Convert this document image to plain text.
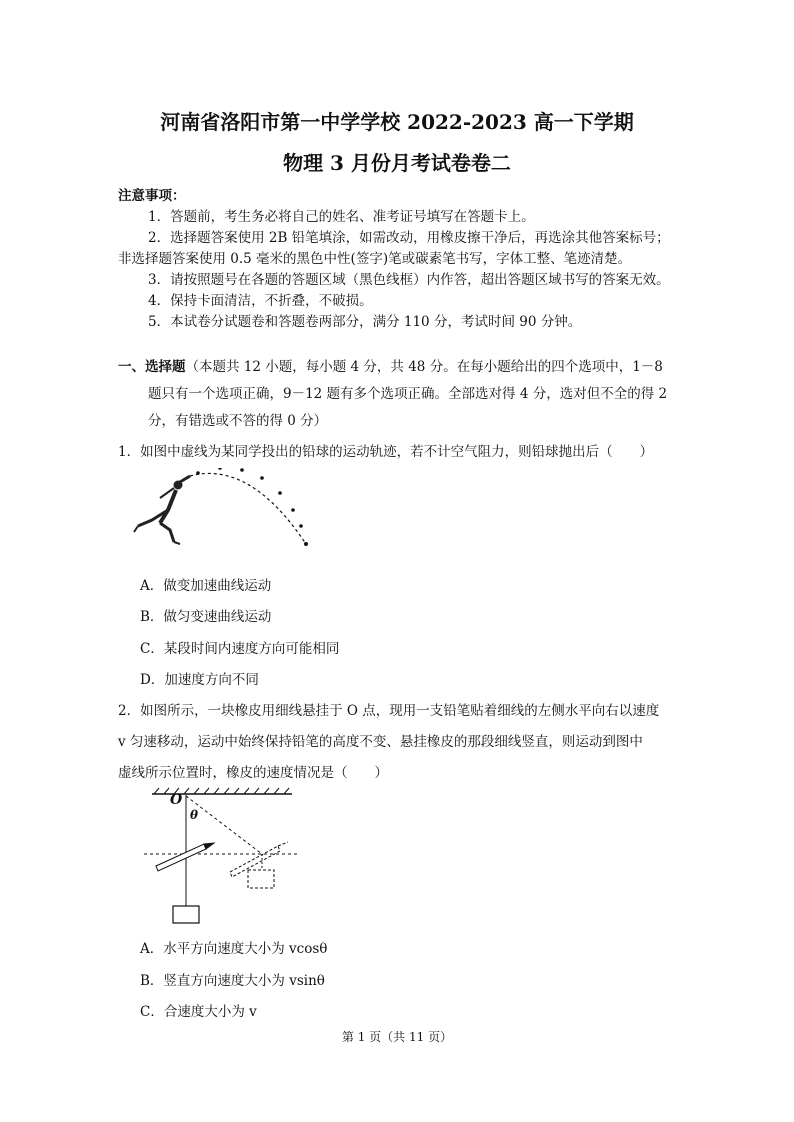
河南省洛阳市第一中学学校 2022-2023 高一下学期
物理 3 月份月考试卷卷二
注意事项：
1．答题前，考生务必将自己的姓名、准考证号填写在答题卡上。
2．选择题答案使用 2B 铅笔填涂，如需改动，用橡皮擦干净后，再选涂其他答案标号；
非选择题答案使用 0.5 毫米的黑色中性(签字)笔或碳素笔书写，字体工整、笔迹清楚。
3．请按照题号在各题的答题区域（黑色线框）内作答，超出答题区域书写的答案无效。
4．保持卡面清洁，不折叠，不破损。
5．本试卷分试题卷和答题卷两部分，满分 110 分，考试时间 90 分钟。
一、选择题（本题共 12 小题，每小题 4 分，共 48 分。在每小题给出的四个选项中，1－8
题只有一个选项正确，9－12 题有多个选项正确。全部选对得 4 分，选对但不全的得 2
分，有错选或不答的得 0 分）
1．如图中虚线为某同学投出的铅球的运动轨迹，若不计空气阻力，则铅球抛出后（　　）
A．做变加速曲线运动
B．做匀变速曲线运动
C．某段时间内速度方向可能相同
D．加速度方向不同
2．如图所示，一块橡皮用细线悬挂于 O 点，现用一支铅笔贴着细线的左侧水平向右以速度
v 匀速移动，运动中始终保持铅笔的高度不变、悬挂橡皮的那段细线竖直，则运动到图中
虚线所示位置时，橡皮的速度情况是（　　）
O
θ
A．水平方向速度大小为 vcosθ
B．竖直方向速度大小为 vsinθ
C．合速度大小为 v
第 1 页（共 11 页）
